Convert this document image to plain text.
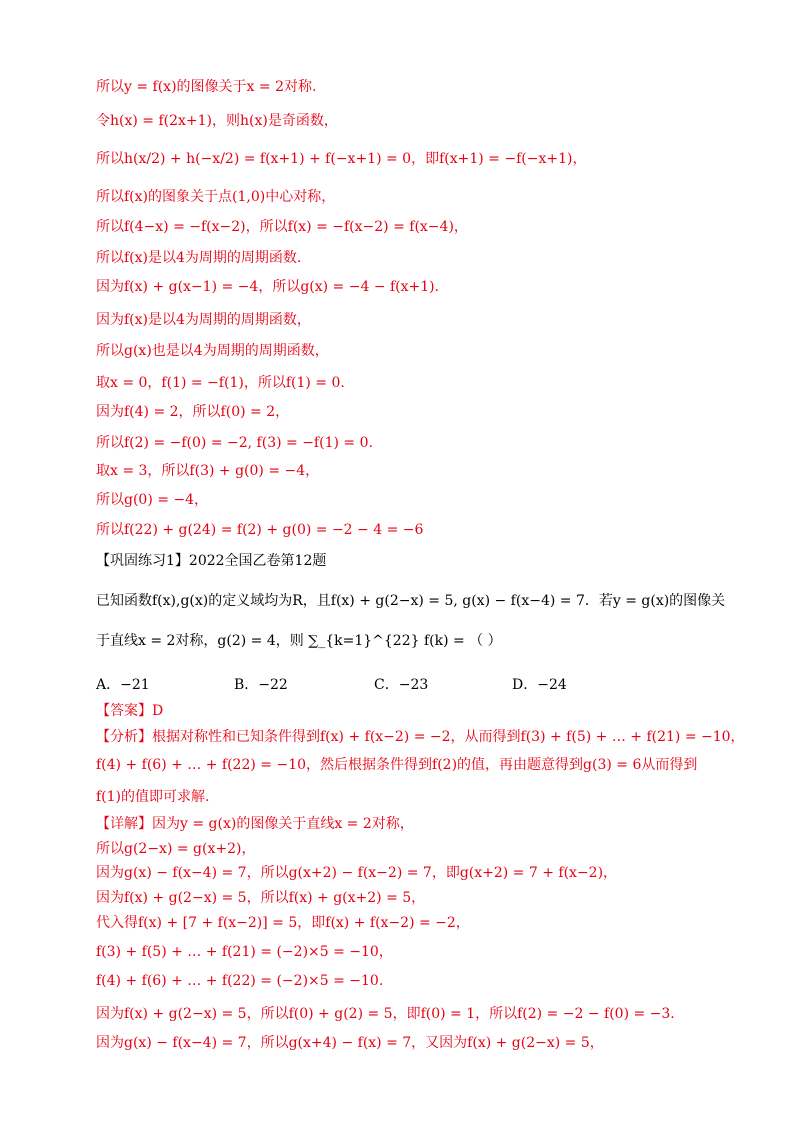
所以y = f(x)的图像关于x = 2对称.
令h(x) = f(2x+1)，则h(x)是奇函数，
所以h(x/2) + h(−x/2) = f(x+1) + f(−x+1) = 0，即f(x+1) = −f(−x+1)，
所以f(x)的图象关于点(1,0)中心对称，
所以f(4−x) = −f(x−2)，所以f(x) = −f(x−2) = f(x−4)，
所以f(x)是以4为周期的周期函数.
因为f(x) + g(x−1) = −4，所以g(x) = −4 − f(x+1).
因为f(x)是以4为周期的周期函数，
所以g(x)也是以4为周期的周期函数，
取x = 0，f(1) = −f(1)，所以f(1) = 0.
因为f(4) = 2，所以f(0) = 2，
所以f(2) = −f(0) = −2, f(3) = −f(1) = 0.
取x = 3，所以f(3) + g(0) = −4，
所以g(0) = −4，
所以f(22) + g(24) = f(2) + g(0) = −2 − 4 = −6
【巩固练习1】2022全国乙卷第12题
已知函数f(x),g(x)的定义域均为R，且f(x) + g(2−x) = 5, g(x) − f(x−4) = 7．若y = g(x)的图像关
于直线x = 2对称，g(2) = 4，则 ∑_{k=1}^{22} f(k) = （ ）
A．−21	B．−22	C．−23	D．−24
【答案】D
【分析】根据对称性和已知条件得到f(x) + f(x−2) = −2，从而得到f(3) + f(5) + … + f(21) = −10，
f(4) + f(6) + … + f(22) = −10，然后根据条件得到f(2)的值，再由题意得到g(3) = 6从而得到
f(1)的值即可求解.
【详解】因为y = g(x)的图像关于直线x = 2对称，
所以g(2−x) = g(x+2)，
因为g(x) − f(x−4) = 7，所以g(x+2) − f(x−2) = 7，即g(x+2) = 7 + f(x−2)，
因为f(x) + g(2−x) = 5，所以f(x) + g(x+2) = 5，
代入得f(x) + [7 + f(x−2)] = 5，即f(x) + f(x−2) = −2，
f(3) + f(5) + … + f(21) = (−2)×5 = −10，
f(4) + f(6) + … + f(22) = (−2)×5 = −10.
因为f(x) + g(2−x) = 5，所以f(0) + g(2) = 5，即f(0) = 1，所以f(2) = −2 − f(0) = −3.
因为g(x) − f(x−4) = 7，所以g(x+4) − f(x) = 7，又因为f(x) + g(2−x) = 5，
